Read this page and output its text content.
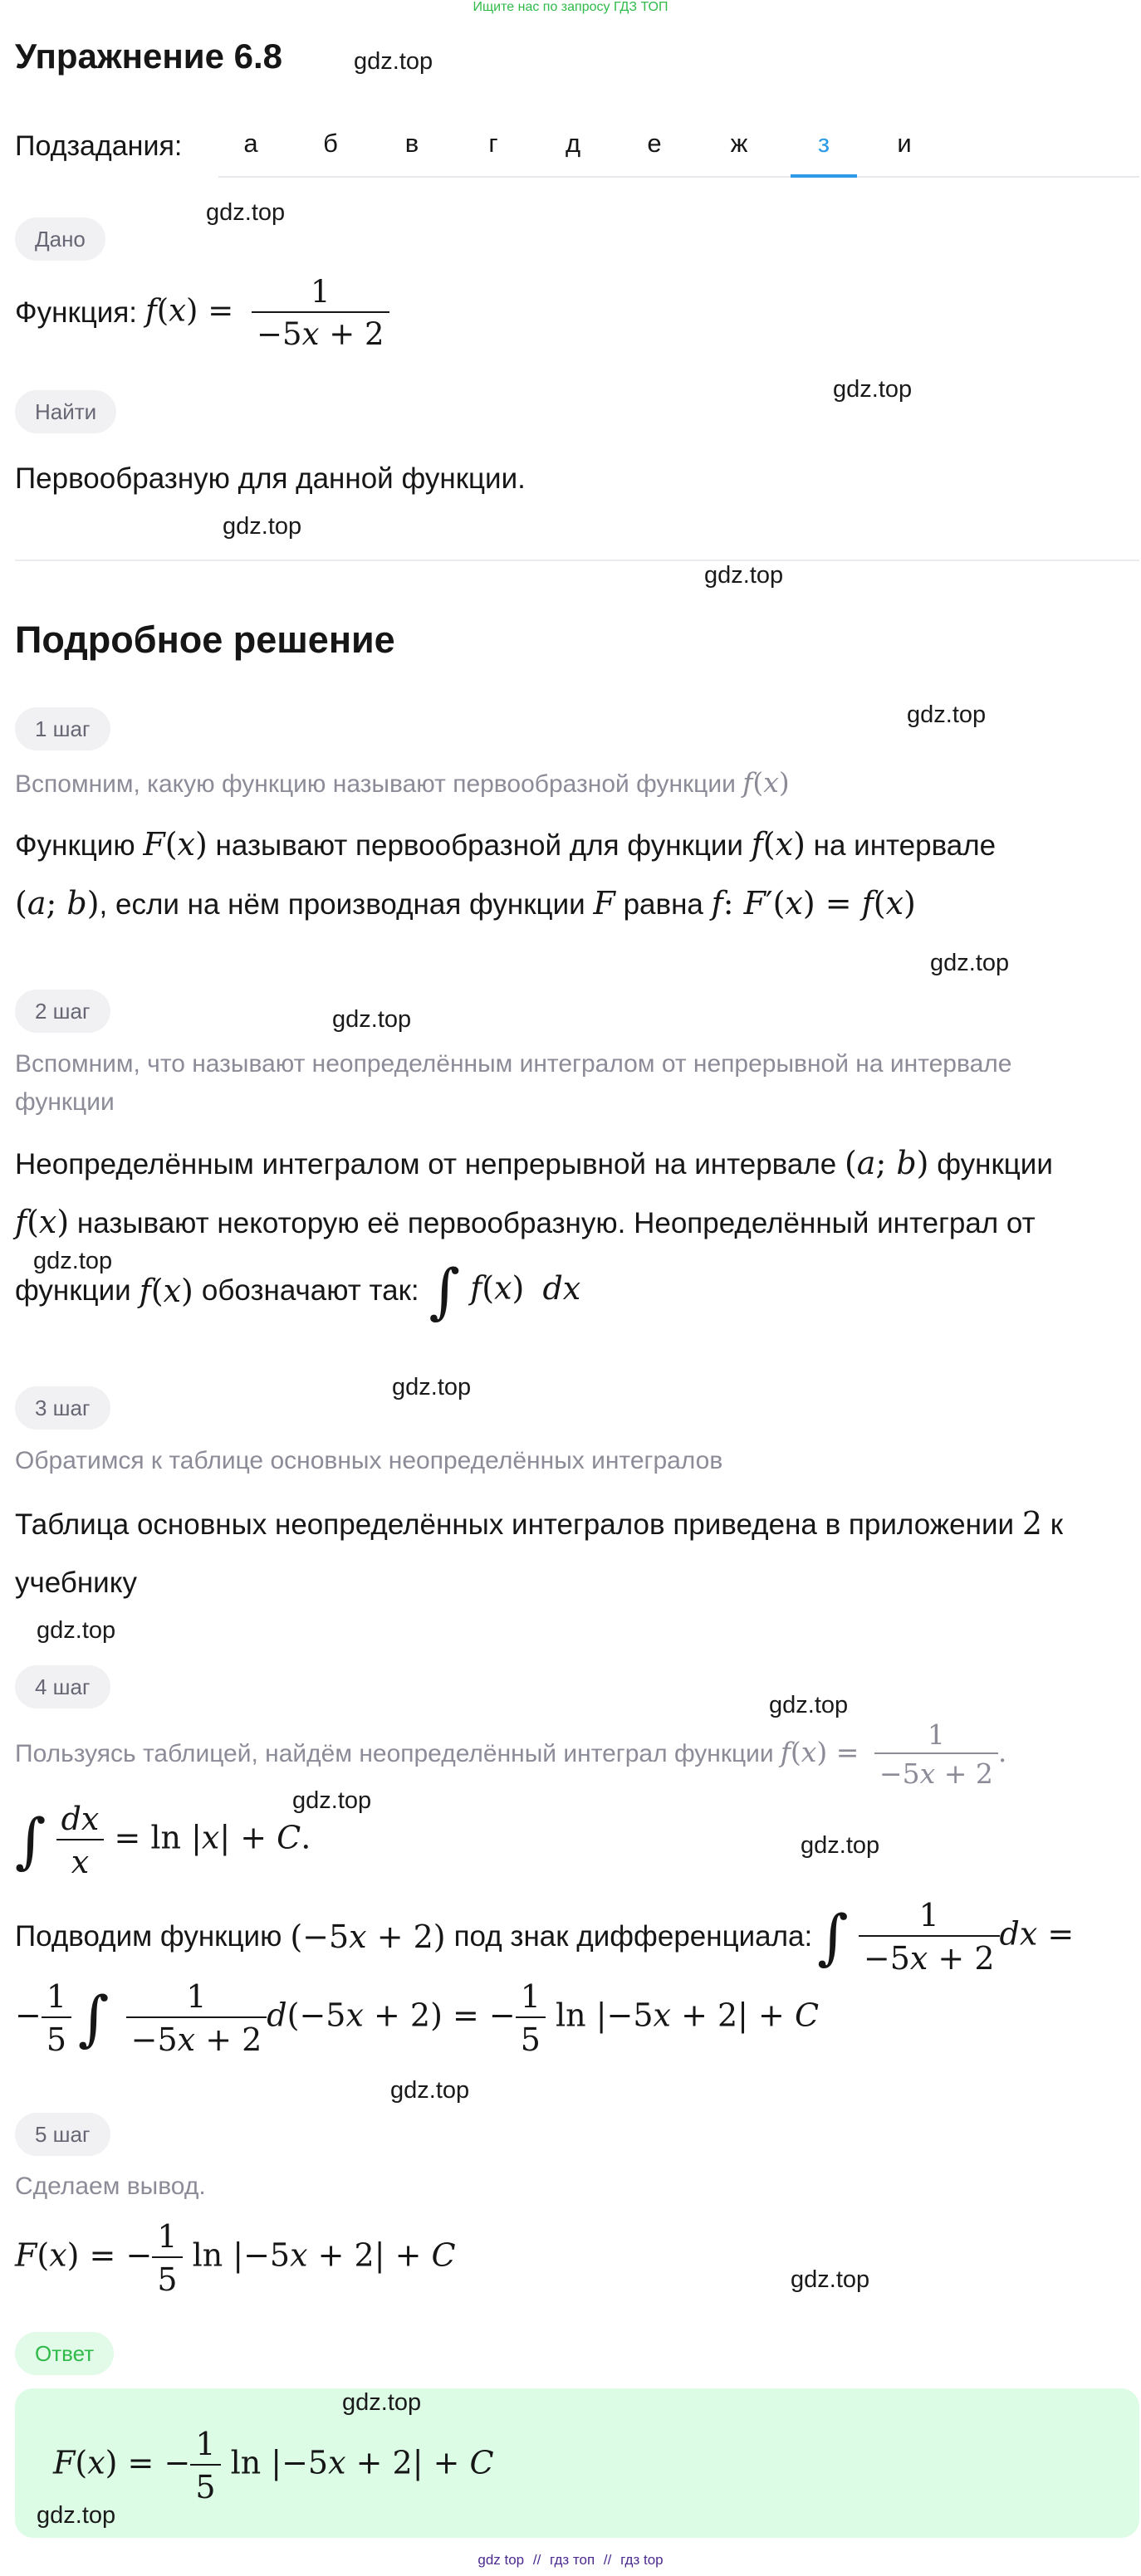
Ищите нас по запросу ГДЗ ТОП
Упражнение 6.8	gdz.top
Подзадания:	а	б	в	г	д	е	ж	з	и
gdz.top
Дано
Функция: $f(x) = \frac{1}{-5x + 2}$
gdz.top
Найти
Первообразную для данной функции.
gdz.top
gdz.top
Подробное решение
1 шаг
gdz.top
Вспомним, какую функцию называют первообразной функции f(x)
Функцию F(x) называют первообразной для функции f(x) на интервале
(a; b), если на нём производная функции F равна f: F′(x) = f(x)
gdz.top
2 шаг	gdz.top
Вспомним, что называют неопределённым интегралом от непрерывной на интервале
функции
Неопределённым интегралом от непрерывной на интервале (a; b) функции
f(x) называют некоторую её первообразную. Неопределённый интеграл от
gdz.top
функции f(x) обозначают так: ∫ f(x) dx
gdz.top
3 шаг
Обратимся к таблице основных неопределённых интегралов
Таблица основных неопределённых интегралов приведена в приложении 2 к
учебнику
gdz.top
4 шаг
gdz.top
Пользуясь таблицей, найдём неопределённый интеграл функции $f(x) = \frac{1}{-5x + 2}$ .
gdz.top
∫ $\frac{dx}{x} = \ln |x| + C$.	gdz.top
Подводим функцию (−5x + 2) под знак дифференциала: ∫ $\frac{1}{-5x + 2}$ dx =
− $\frac{1}{5}$ ∫ $\frac{1}{-5x + 2} d(-5x + 2)$ = − $\frac{1}{5}$ ln |−5x + 2| + C
gdz.top
5 шаг
Сделаем вывод.
F(x) = − $\frac{1}{5}$ ln |−5x + 2| + C
gdz.top
Ответ
gdz.top
F(x) = − $\frac{1}{5}$ ln |−5x + 2| + C
gdz.top
gdz top // гдз топ // гдз top
